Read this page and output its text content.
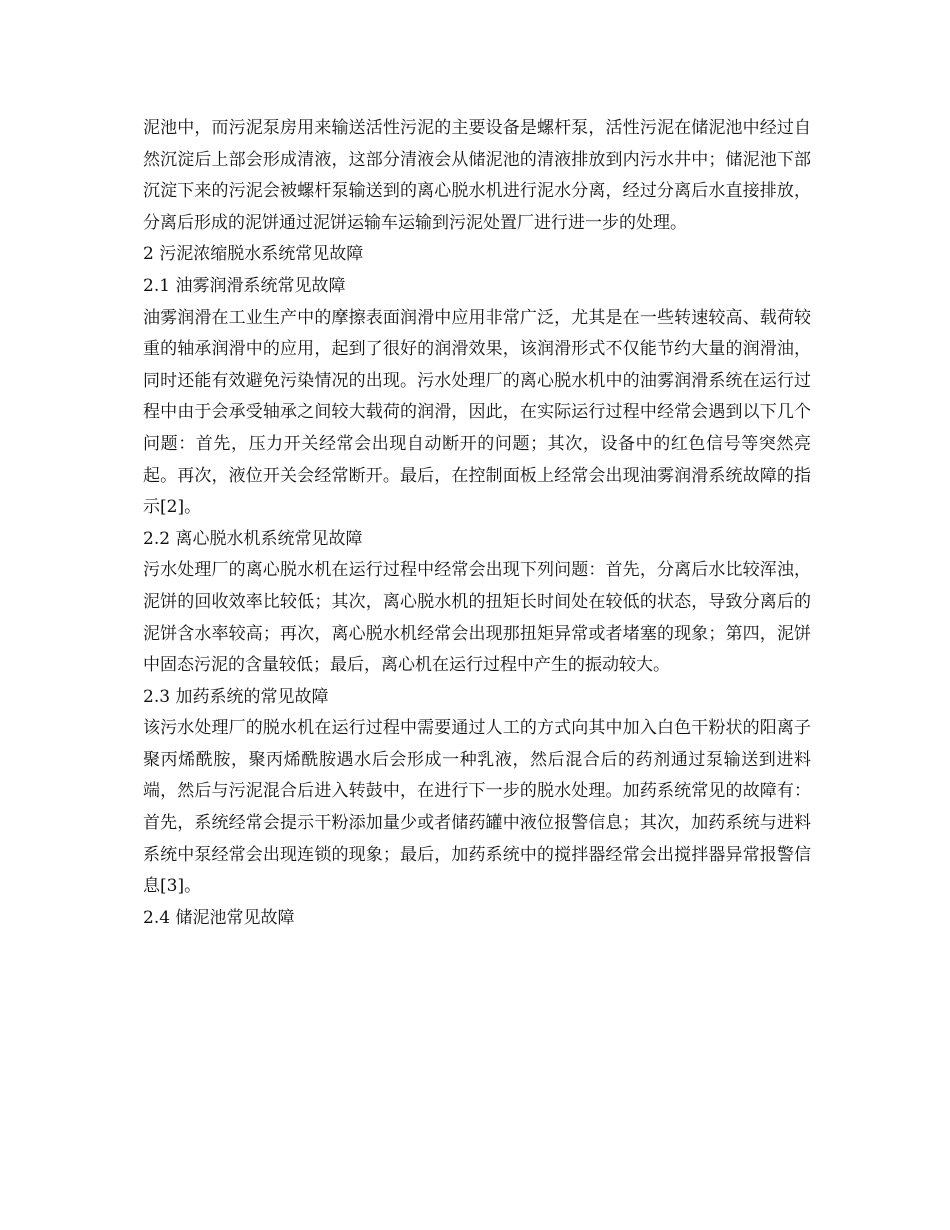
泥池中，而污泥泵房用来输送活性污泥的主要设备是螺杆泵，活性污泥在储泥池中经过自然沉淀后上部会形成清液，这部分清液会从储泥池的清液排放到内污水井中；储泥池下部沉淀下来的污泥会被螺杆泵输送到的离心脱水机进行泥水分离，经过分离后水直接排放，分离后形成的泥饼通过泥饼运输车运输到污泥处置厂进行进一步的处理。

2 污泥浓缩脱水系统常见故障

2.1 油雾润滑系统常见故障

油雾润滑在工业生产中的摩擦表面润滑中应用非常广泛，尤其是在一些转速较高、载荷较重的轴承润滑中的应用，起到了很好的润滑效果，该润滑形式不仅能节约大量的润滑油，同时还能有效避免污染情况的出现。污水处理厂的离心脱水机中的油雾润滑系统在运行过程中由于会承受轴承之间较大载荷的润滑，因此，在实际运行过程中经常会遇到以下几个问题：首先，压力开关经常会出现自动断开的问题；其次，设备中的红色信号等突然亮起。再次，液位开关会经常断开。最后，在控制面板上经常会出现油雾润滑系统故障的指示[2]。

2.2 离心脱水机系统常见故障

污水处理厂的离心脱水机在运行过程中经常会出现下列问题：首先，分离后水比较浑浊，泥饼的回收效率比较低；其次，离心脱水机的扭矩长时间处在较低的状态，导致分离后的泥饼含水率较高；再次，离心脱水机经常会出现那扭矩异常或者堵塞的现象；第四，泥饼中固态污泥的含量较低；最后，离心机在运行过程中产生的振动较大。

2.3 加药系统的常见故障

该污水处理厂的脱水机在运行过程中需要通过人工的方式向其中加入白色干粉状的阳离子聚丙烯酰胺，聚丙烯酰胺遇水后会形成一种乳液，然后混合后的药剂通过泵输送到进料端，然后与污泥混合后进入转鼓中，在进行下一步的脱水处理。加药系统常见的故障有：首先，系统经常会提示干粉添加量少或者储药罐中液位报警信息；其次，加药系统与进料系统中泵经常会出现连锁的现象；最后，加药系统中的搅拌器经常会出搅拌器异常报警信息[3]。

2.4 储泥池常见故障
